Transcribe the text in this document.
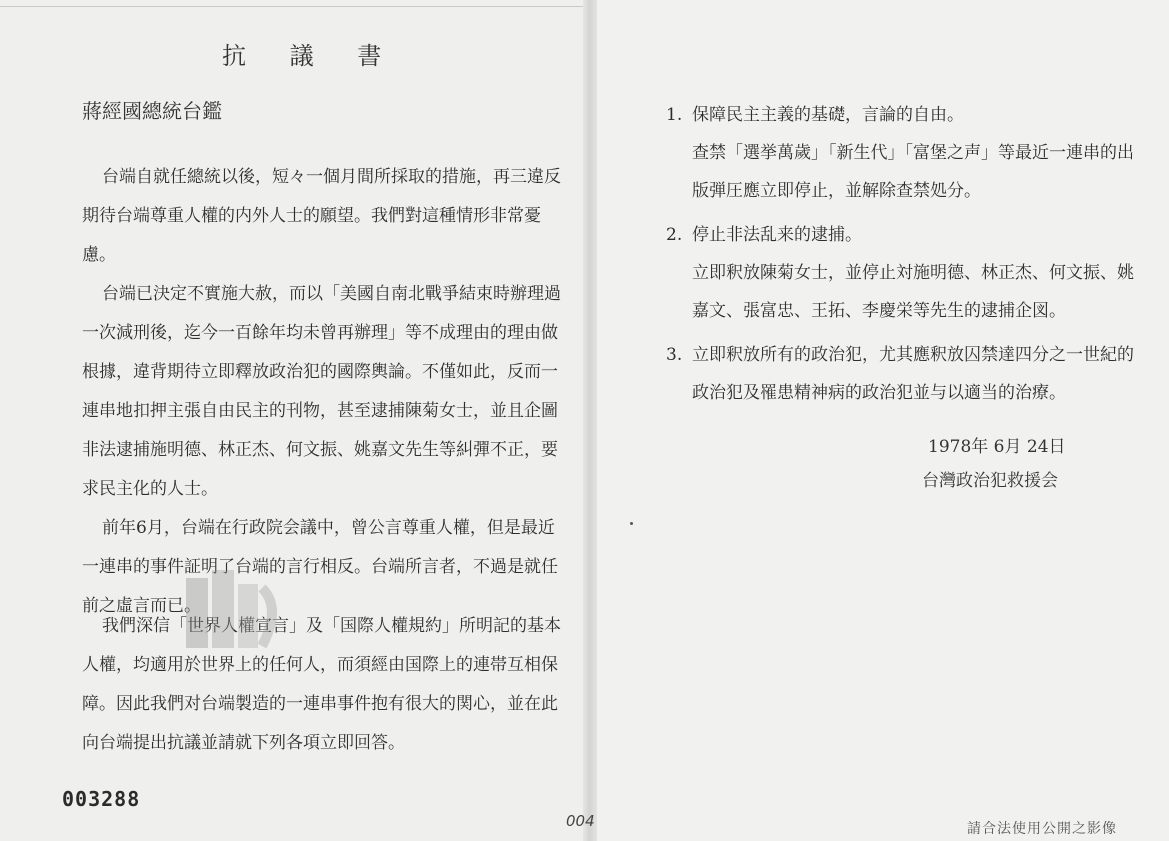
抗 議 書
蔣經國總統台鑑

台端自就任總統以後，短々一個月間所採取的措施，再三違反期待台端尊重人權的内外人士的願望。我們對這種情形非常憂慮。

台端已決定不實施大赦，而以「美國自南北戰爭結束時辦理過一次減刑後，迄今一百餘年均未曾再辦理」等不成理由的理由做根據，違背期待立即釋放政治犯的國際輿論。不僅如此，反而一連串地扣押主張自由民主的刊物，甚至逮捕陳菊女士，並且企圖非法逮捕施明德、林正杰、何文振、姚嘉文先生等糾彈不正，要求民主化的人士。

前年6月，台端在行政院会議中，曾公言尊重人權，但是最近一連串的事件証明了台端的言行相反。台端所言者，不過是就任前之虛言而已。

我們深信「世界人權宣言」及「国際人權規約」所明記的基本人權，均適用於世界上的任何人，而須經由国際上的連帯互相保障。因此我們对台端製造的一連串事件抱有很大的関心，並在此向台端提出抗議並請就下列各項立即回答。

003288
1. 保障民主主義的基礎，言論的自由。
查禁「選挙萬歲」「新生代」「富堡之声」等最近一連串的出版弾圧應立即停止，並解除查禁処分。
2. 停止非法乱来的逮捕。
立即釈放陳菊女士，並停止対施明德、林正杰、何文振、姚嘉文、張富忠、王拓、李慶栄等先生的逮捕企図。
3. 立即釈放所有的政治犯，尤其應釈放囚禁達四分之一世紀的政治犯及罹患精神病的政治犯並与以適当的治療。
1978年 6月 24日
台灣政治犯救援会
004	請合法使用公開之影像
